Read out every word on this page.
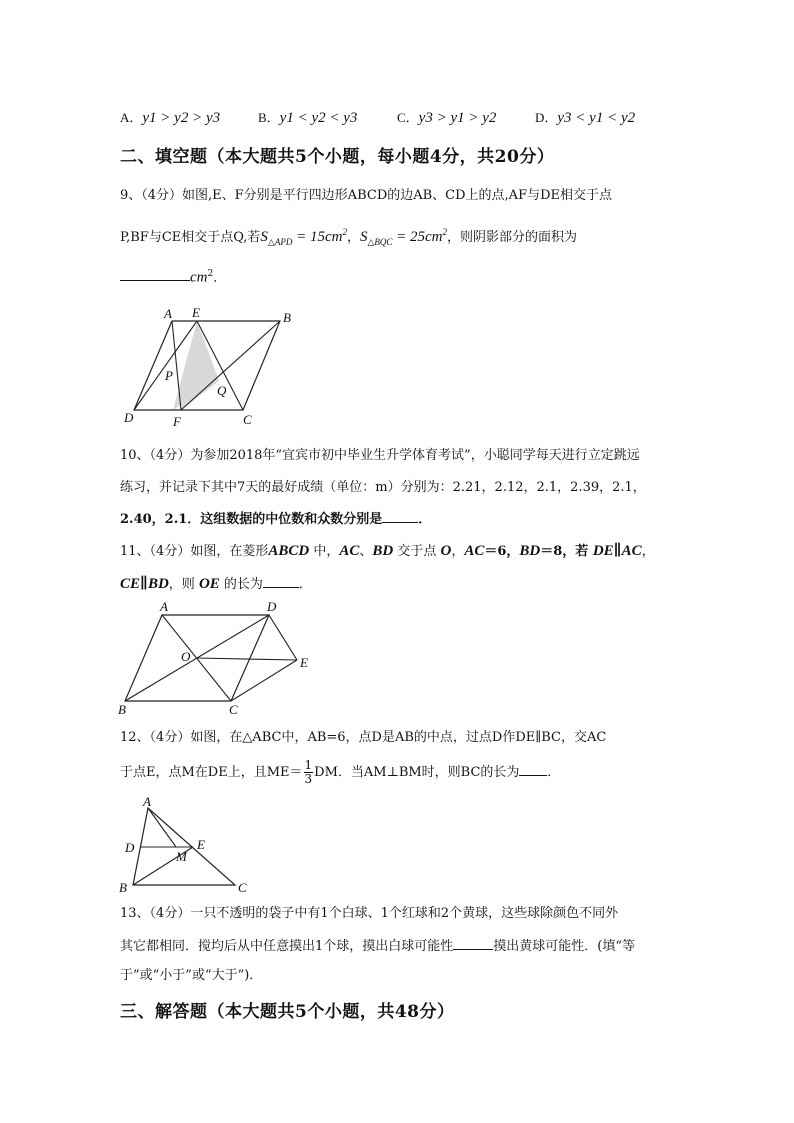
A．y1 > y2 > y3	B．y1 < y2 < y3	C．y3 > y1 > y2	D．y3 < y1 < y2
二、填空题（本大题共5个小题，每小题4分，共20分）
9、（4分）如图,E、F分别是平行四边形ABCD的边AB、CD上的点,AF与DE相交于点
P,BF与CE相交于点Q,若$S_{\triangle APD} = 15cm^2$，$S_{\triangle BQC} = 25cm^2$，则阴影部分的面积为
$cm^2$．
A E	B
P
Q
D	F	C
10、（4分）为参加2018年“宜宾市初中毕业生升学体育考试”，小聪同学每天进行立定跳远
练习，并记录下其中7天的最好成绩（单位：m）分别为：2.21，2.12，2.1，2.39，2.1，
2.40，2.1．这组数据的中位数和众数分别是	．
11、（4分）如图，在菱形ABCD 中，AC、BD 交于点 O，AC＝6，BD＝8，若 DE∥AC，
CE∥BD，则 OE 的长为	．
A	D
O	E
B	C
12、（4分）如图，在△ABC中，AB=6，点D是AB的中点，过点D作DE∥BC，交AC
于点E，点M在DE上，且$ME= \frac{1}{3}$ DM．当AM⊥BM时，则BC的长为 ．
A
D	E
M
B	C
13、（4分）一只不透明的袋子中有1个白球、1个红球和2个黄球，这些球除颜色不同外
其它都相同．搅均后从中任意摸出1个球，摸出白球可能性	摸出黄球可能性．(填“等
于”或“小于”或“大于”)．
三、解答题（本大题共5个小题，共48分）
